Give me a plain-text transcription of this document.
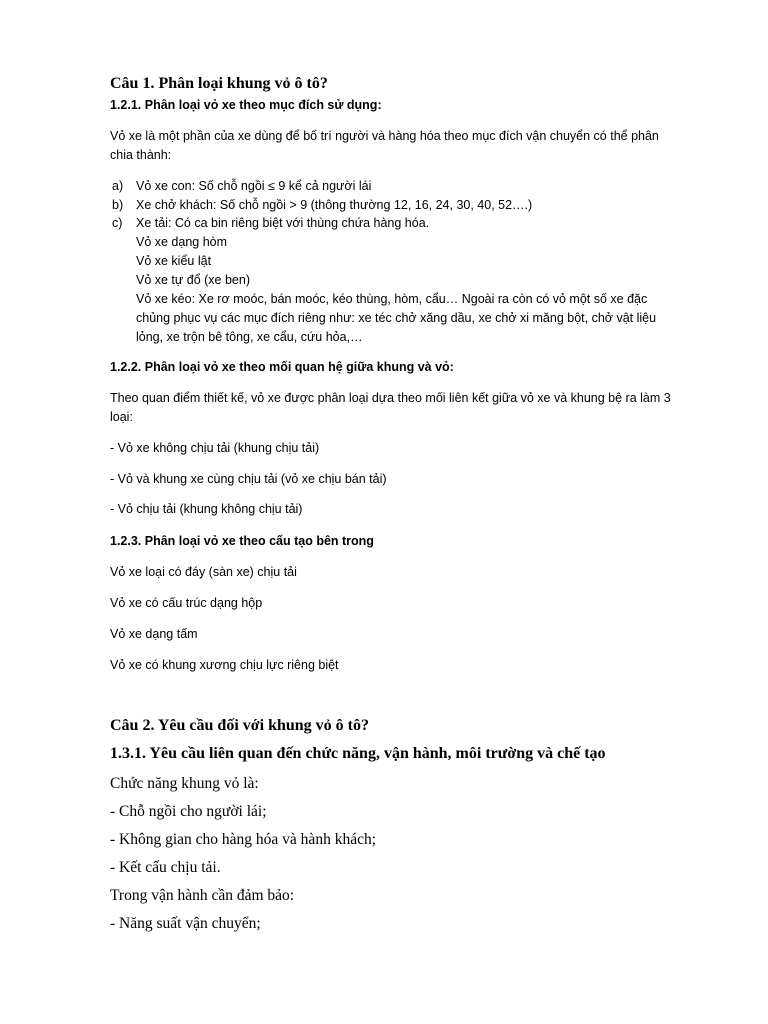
Câu 1. Phân loại khung vỏ ô tô?
1.2.1. Phân loại vỏ xe theo mục đích sử dụng:
Vỏ xe là một phần của xe dùng để bố trí người và hàng hóa theo mục đích vận chuyển có thể phân
chia thành:
a) Vỏ xe con: Số chỗ ngồi ≤ 9 kể cả người lái
b) Xe chở khách: Số chỗ ngồi > 9 (thông thường 12, 16, 24, 30, 40, 52….)
c) Xe tải: Có ca bin riêng biệt với thùng chứa hàng hóa.
Vỏ xe dạng hòm
Vỏ xe kiểu lật
Vỏ xe tự đổ (xe ben)
Vỏ xe kéo: Xe rơ moóc, bán moóc, kéo thùng, hòm, cẩu… Ngoài ra còn có vỏ một số xe đặc
chủng phục vụ các mục đích riêng như: xe téc chở xăng dầu, xe chở xi măng bột, chở vật liệu
lỏng, xe trộn bê tông, xe cẩu, cứu hỏa,…
1.2.2. Phân loại vỏ xe theo mối quan hệ giữa khung và vỏ:
Theo quan điểm thiết kế, vỏ xe được phân loại dựa theo mối liên kết giữa vỏ xe và khung bệ ra làm 3
loại:
- Vỏ xe không chịu tải (khung chịu tải)
- Vỏ và khung xe cùng chịu tải (vỏ xe chịu bán tải)
- Vỏ chịu tải (khung không chịu tải)
1.2.3. Phân loại vỏ xe theo cấu tạo bên trong
Vỏ xe loại có đáy (sàn xe) chịu tải
Vỏ xe có cấu trúc dạng hộp
Vỏ xe dạng tấm
Vỏ xe có khung xương chịu lực riêng biệt
Câu 2. Yêu cầu đối với khung vỏ ô tô?
1.3.1. Yêu cầu liên quan đến chức năng, vận hành, môi trường và chế tạo
Chức năng khung vỏ là:
- Chỗ ngồi cho người lái;
- Không gian cho hàng hóa và hành khách;
- Kết cấu chịu tải.
Trong vận hành cần đảm bảo:
- Năng suất vận chuyển;
